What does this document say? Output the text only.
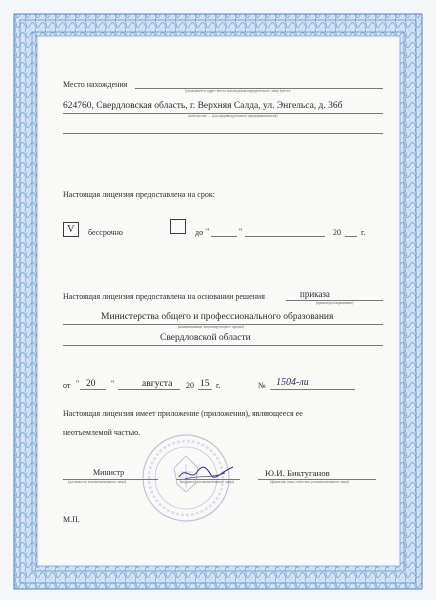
Место нахождения
(указывается адрес места нахождения юридического лица (место
624760, Свердловская область, г. Верхняя Салда, ул. Энгельса, д. 36б
жительства — для индивидуального предпринимателя)
Настоящая лицензия предоставлена на срок:
V бессрочно	до "	"	20	г.
Настоящая лицензия предоставлена на основании решения	приказа
(приказ/распоряжение)
Министерства общего и профессионального образования
(наименование лицензирующего органа)
Свердловской области
от " 20 "	августа 20 15 г.	№ 1504-ли
Настоящая лицензия имеет приложение (приложения), являющееся ее
неотъемлемой частью.
Министр
(должность уполномоченного лица)	(подпись уполномоченного лица)
Ю.И. Биктуганов
(фамилия, имя, отчество уполномоченного лица)
М.П.
